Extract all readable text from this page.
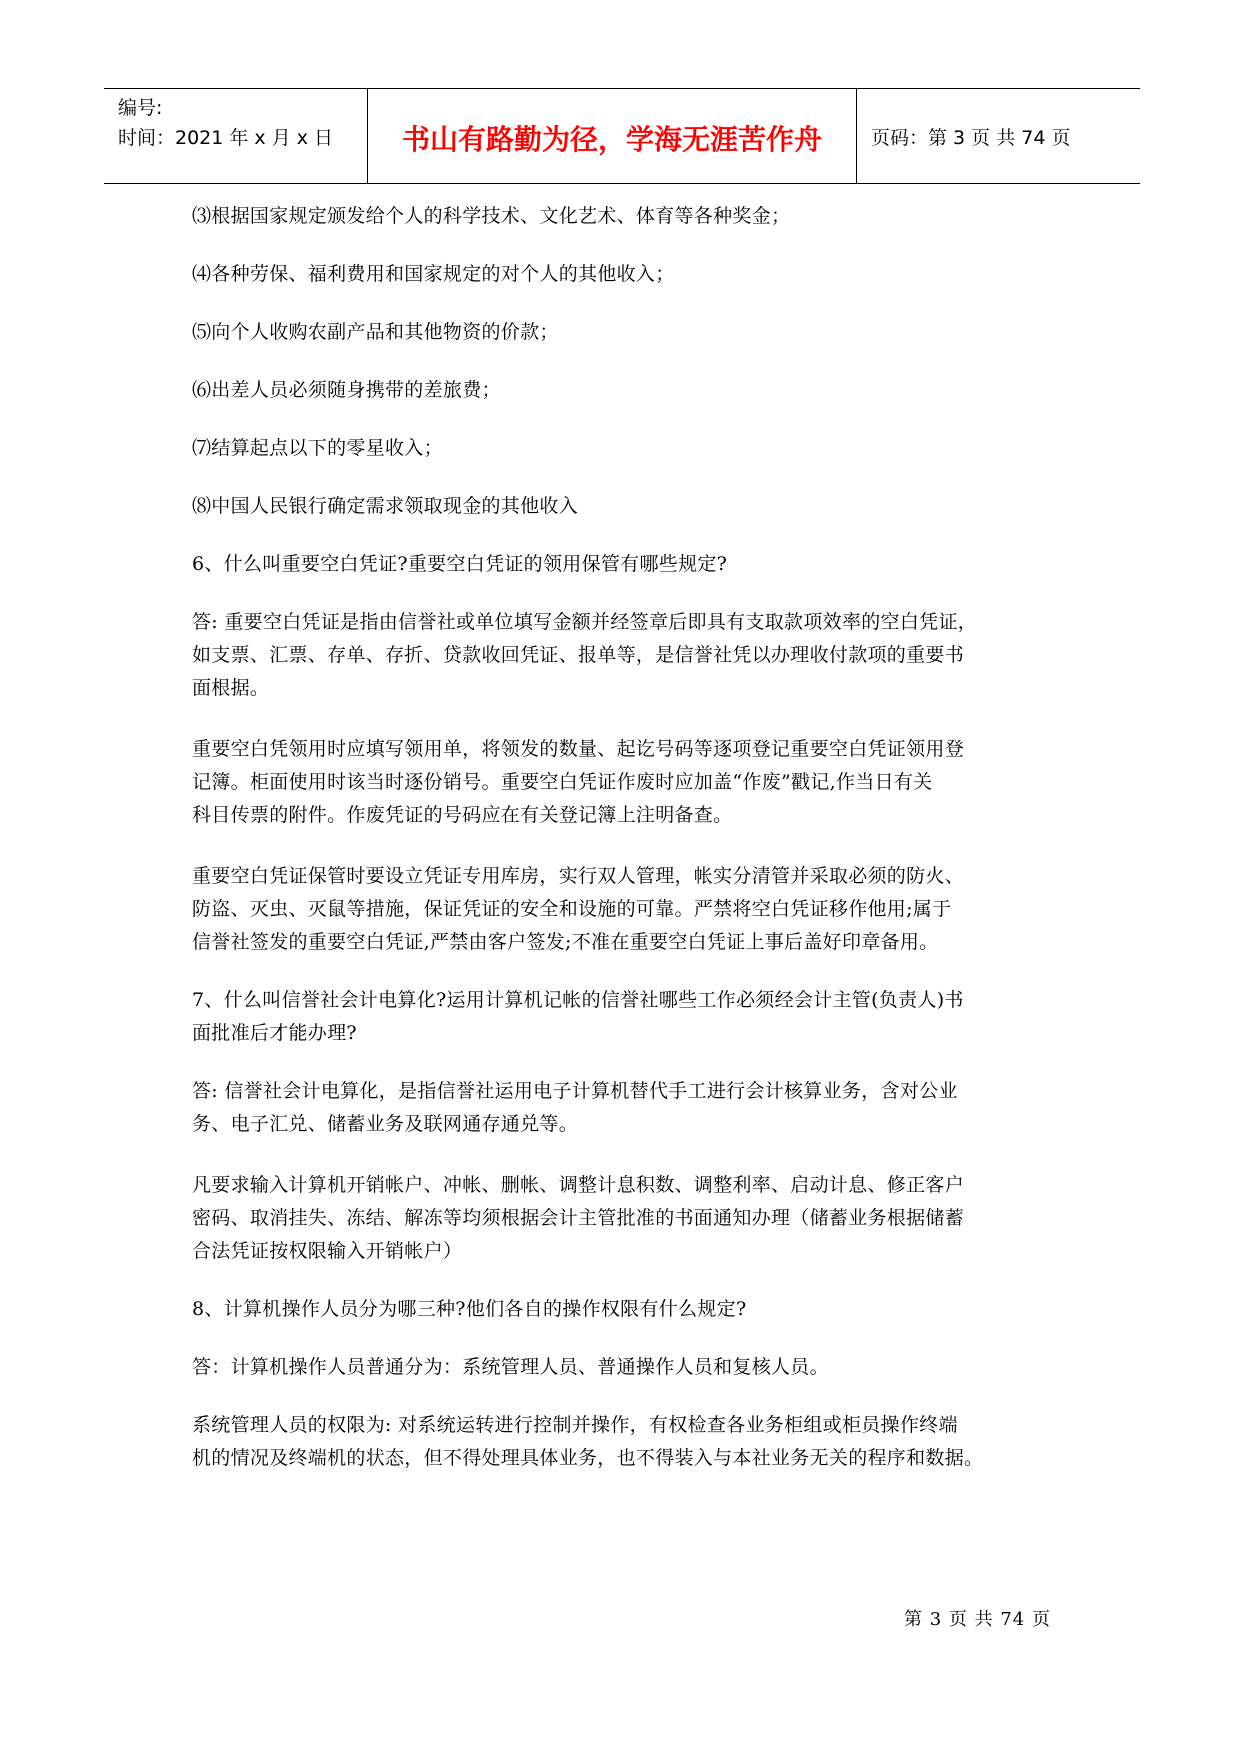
编号:
时间：2021 年 x 月 x 日	书山有路勤为径，学海无涯苦作舟	页码：第 3 页 共 74 页

⑶根据国家规定颁发给个人的科学技术、文化艺术、体育等各种奖金；

⑷各种劳保、福利费用和国家规定的对个人的其他收入；

⑸向个人收购农副产品和其他物资的价款；

⑹出差人员必须随身携带的差旅费；

⑺结算起点以下的零星收入；

⑻中国人民银行确定需求领取现金的其他收入

6、什么叫重要空白凭证?重要空白凭证的领用保管有哪些规定?

答: 重要空白凭证是指由信誉社或单位填写金额并经签章后即具有支取款项效率的空白凭证，
如支票、汇票、存单、存折、贷款收回凭证、报单等，是信誉社凭以办理收付款项的重要书
面根据。

重要空白凭领用时应填写领用单，将领发的数量、起讫号码等逐项登记重要空白凭证领用登
记簿。柜面使用时该当时逐份销号。重要空白凭证作废时应加盖“作废”戳记,作当日有关
科目传票的附件。作废凭证的号码应在有关登记簿上注明备查。

重要空白凭证保管时要设立凭证专用库房，实行双人管理，帐实分清管并采取必须的防火、
防盗、灭虫、灭鼠等措施，保证凭证的安全和设施的可靠。严禁将空白凭证移作他用;属于
信誉社签发的重要空白凭证,严禁由客户签发;不准在重要空白凭证上事后盖好印章备用。

7、什么叫信誉社会计电算化?运用计算机记帐的信誉社哪些工作必须经会计主管(负责人)书
面批准后才能办理?

答: 信誉社会计电算化，是指信誉社运用电子计算机替代手工进行会计核算业务，含对公业
务、电子汇兑、储蓄业务及联网通存通兑等。

凡要求输入计算机开销帐户、冲帐、删帐、调整计息积数、调整利率、启动计息、修正客户
密码、取消挂失、冻结、解冻等均须根据会计主管批准的书面通知办理（储蓄业务根据储蓄
合法凭证按权限输入开销帐户）

8、计算机操作人员分为哪三种?他们各自的操作权限有什么规定?

答：计算机操作人员普通分为：系统管理人员、普通操作人员和复核人员。

系统管理人员的权限为: 对系统运转进行控制并操作，有权检查各业务柜组或柜员操作终端
机的情况及终端机的状态，但不得处理具体业务，也不得装入与本社业务无关的程序和数据。

第 3 页 共 74 页
